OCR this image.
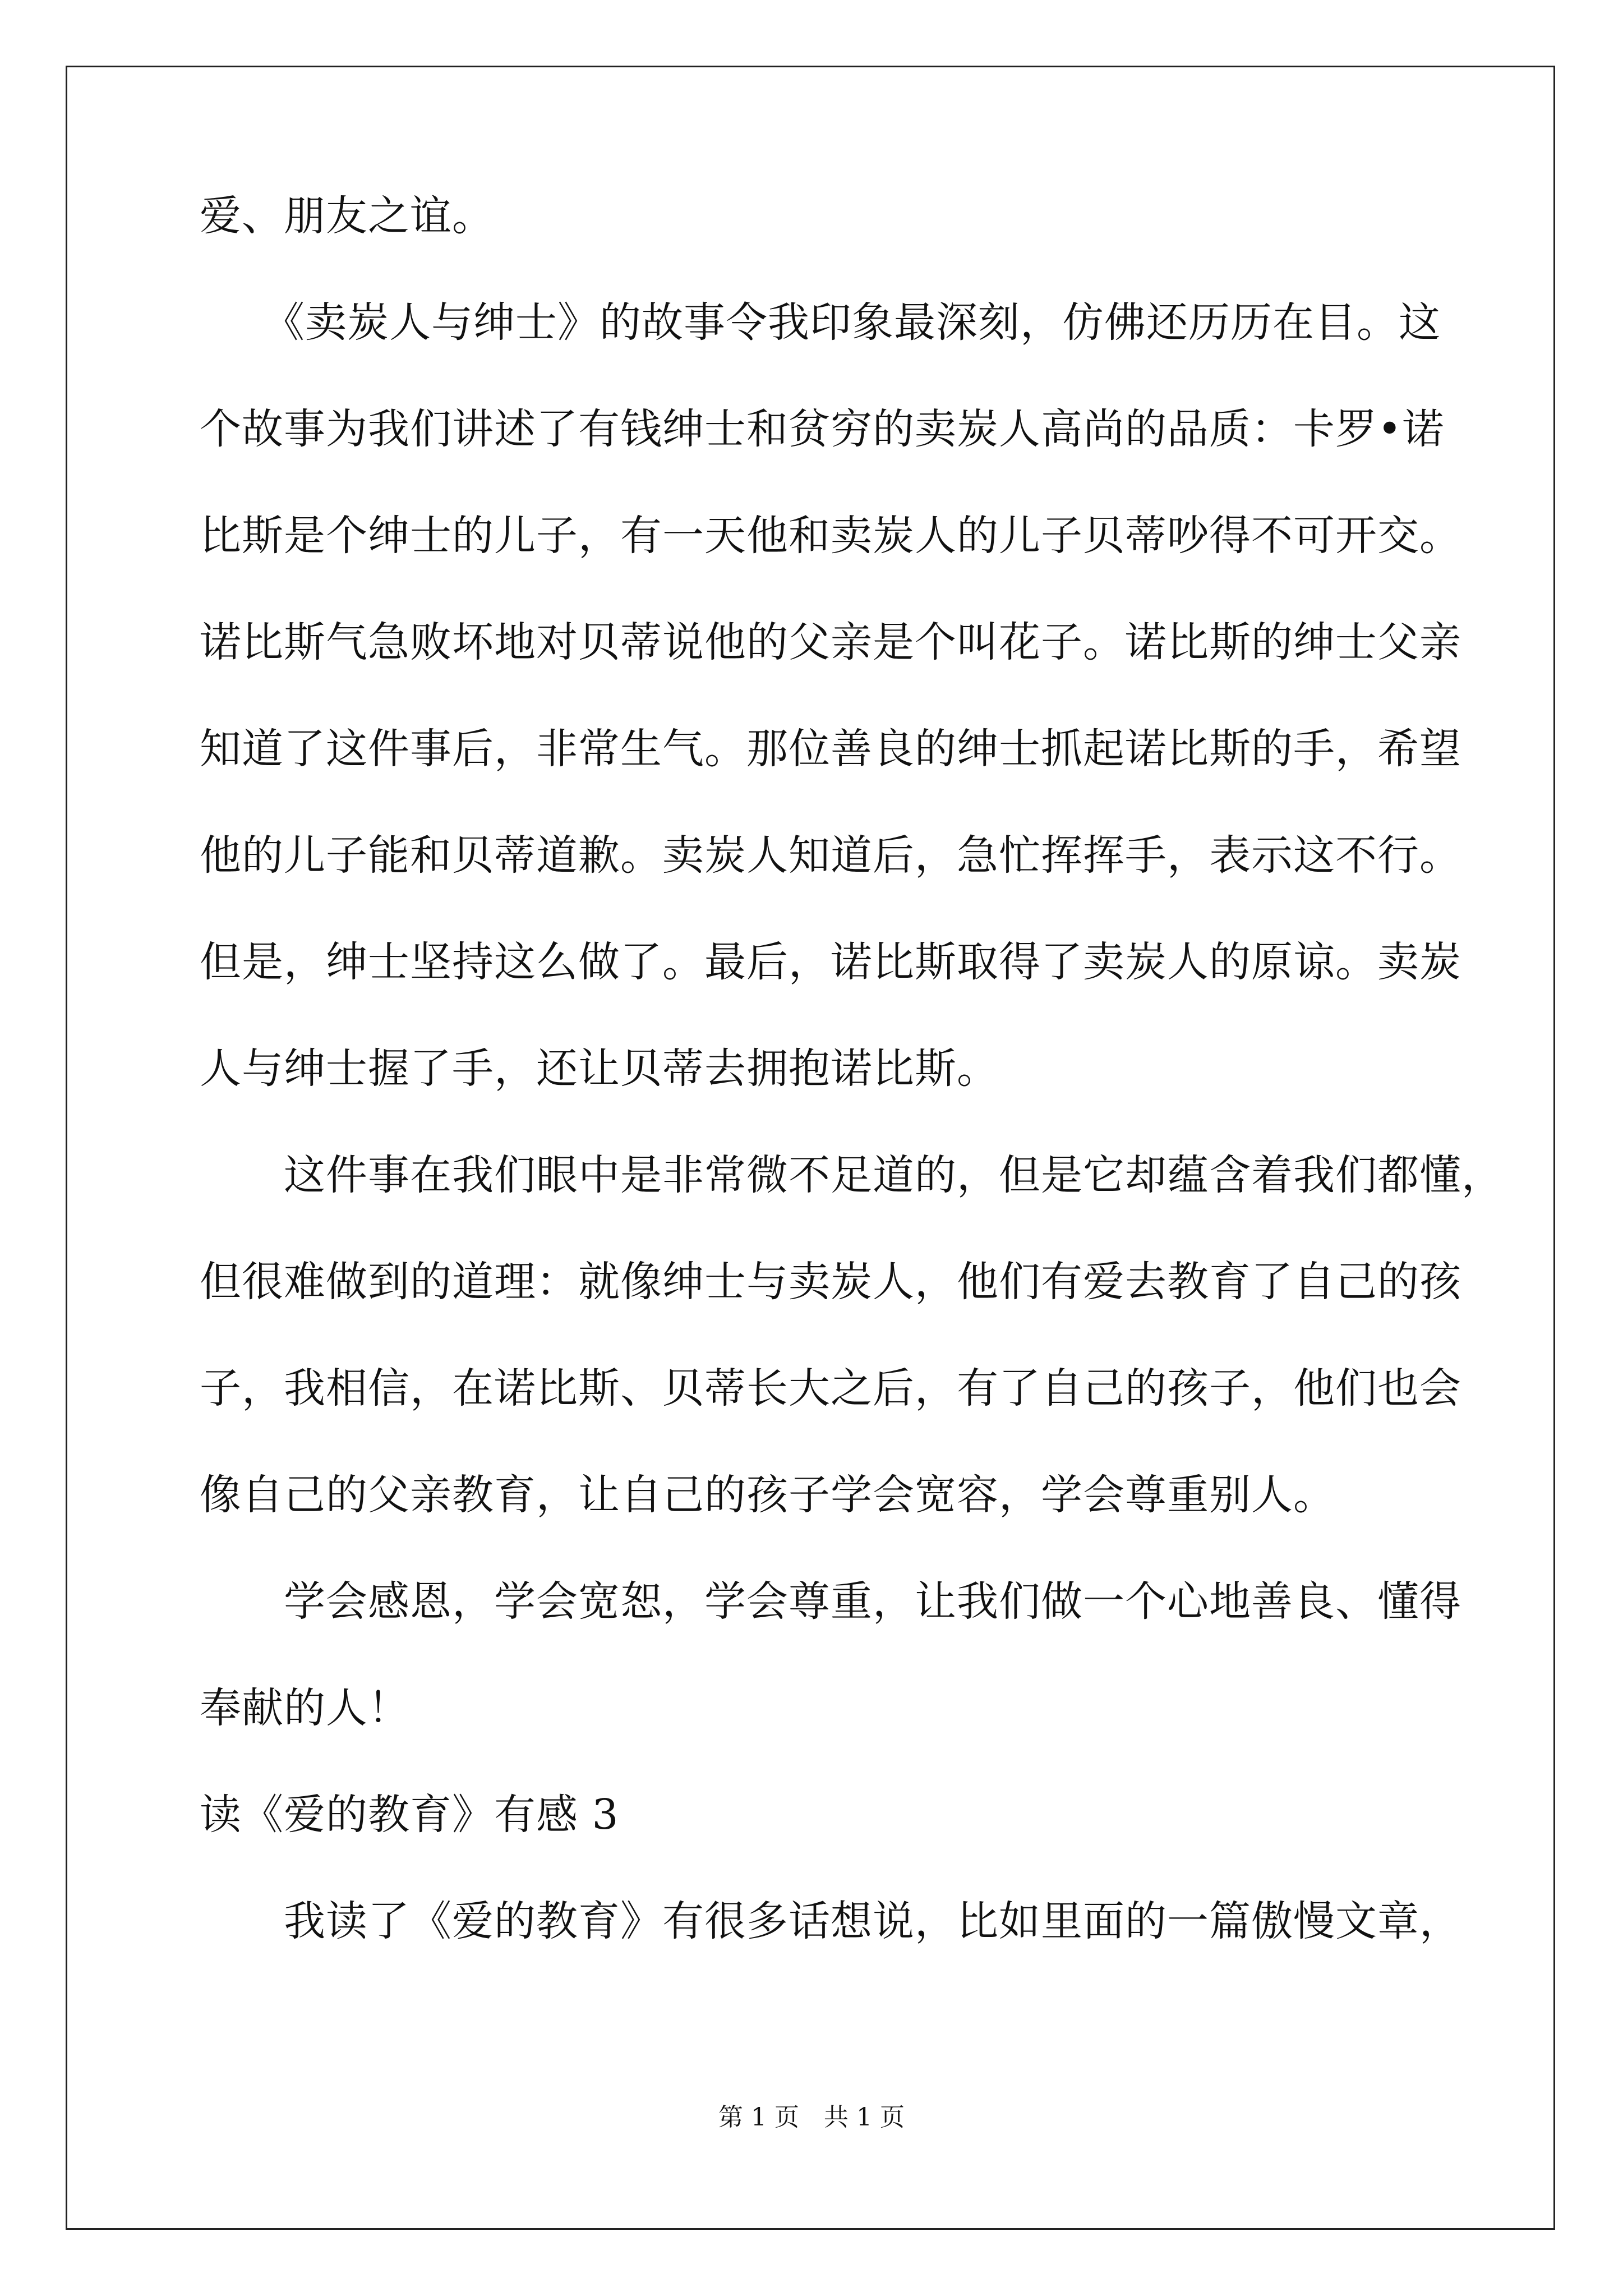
爱、朋友之谊。
　　《卖炭人与绅士》的故事令我印象最深刻，仿佛还历历在目。这
个故事为我们讲述了有钱绅士和贫穷的卖炭人高尚的品质：卡罗•诺
比斯是个绅士的儿子，有一天他和卖炭人的儿子贝蒂吵得不可开交。
诺比斯气急败坏地对贝蒂说他的父亲是个叫花子。诺比斯的绅士父亲
知道了这件事后，非常生气。那位善良的绅士抓起诺比斯的手，希望
他的儿子能和贝蒂道歉。卖炭人知道后，急忙挥挥手，表示这不行。
但是，绅士坚持这么做了。最后，诺比斯取得了卖炭人的原谅。卖炭
人与绅士握了手，还让贝蒂去拥抱诺比斯。
　　这件事在我们眼中是非常微不足道的，但是它却蕴含着我们都懂，
但很难做到的道理：就像绅士与卖炭人，他们有爱去教育了自己的孩
子，我相信，在诺比斯、贝蒂长大之后，有了自己的孩子，他们也会
像自己的父亲教育，让自己的孩子学会宽容，学会尊重别人。
　　学会感恩，学会宽恕，学会尊重，让我们做一个心地善良、懂得
奉献的人！
读《爱的教育》有感 3
　　我读了《爱的教育》有很多话想说，比如里面的一篇傲慢文章，
第 1 页　共 1 页
